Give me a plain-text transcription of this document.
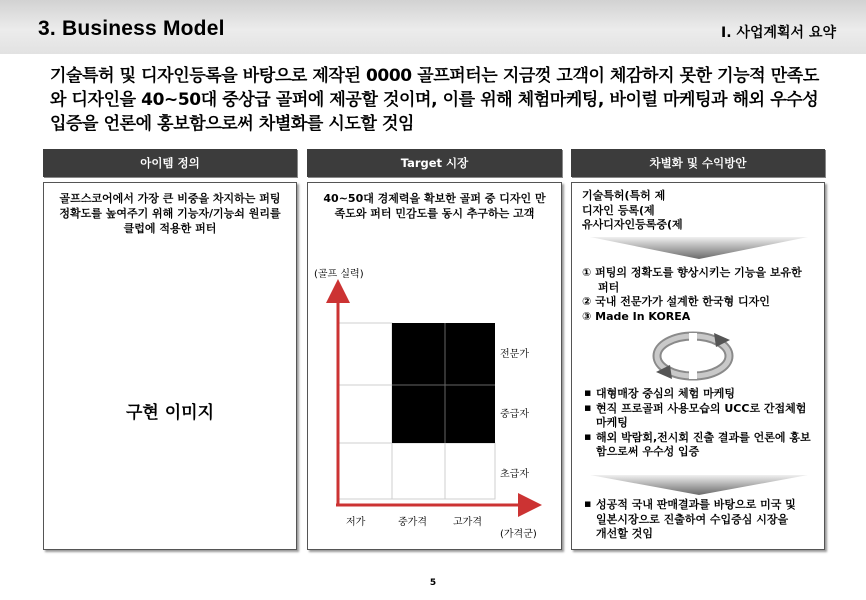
3. Business Model	I. 사업계획서 요약
기술특허 및 디자인등록을 바탕으로 제작된 0000 골프퍼터는 지금껏 고객이 체감하지 못한 기능적 만족도와 디자인을 40~50대 중상급 골퍼에 제공할 것이며, 이를 위해 체험마케팅, 바이럴 마케팅과 해외 우수성 입증을 언론에 홍보함으로써 차별화를 시도할 것임
아이템 정의	Target 시장	차별화 및 수익방안
골프스코어에서 가장 큰 비중을 차지하는 퍼팅 정확도를 높여주기 위해 기능자/기능쇠 원리를 클럽에 적용한 퍼터
구현 이미지
40~50대 경제력을 확보한 골퍼 중 디자인 만족도와 퍼터 민감도를 동시 추구하는 고객
(골프 실력)
전문가
중급자
초급자
저가	중가격	고가격
(가격군)
기술특허(특허 제
디자인 등록(제
유사디자인등록중(제
① 퍼팅의 정확도를 향상시키는 기능을 보유한 퍼터
② 국내 전문가가 설계한 한국형 디자인
③ Made In KOREA
▪ 대형매장 중심의 체험 마케팅
▪ 현직 프로골퍼 사용모습의 UCC로 간접체험 마케팅
▪ 해외 박람회,전시회 진출 결과를 언론에 홍보함으로써 우수성 입증
▪ 성공적 국내 판매결과를 바탕으로 미국 및 일본시장으로 진출하여 수입증심 시장을 개선할 것임
5
